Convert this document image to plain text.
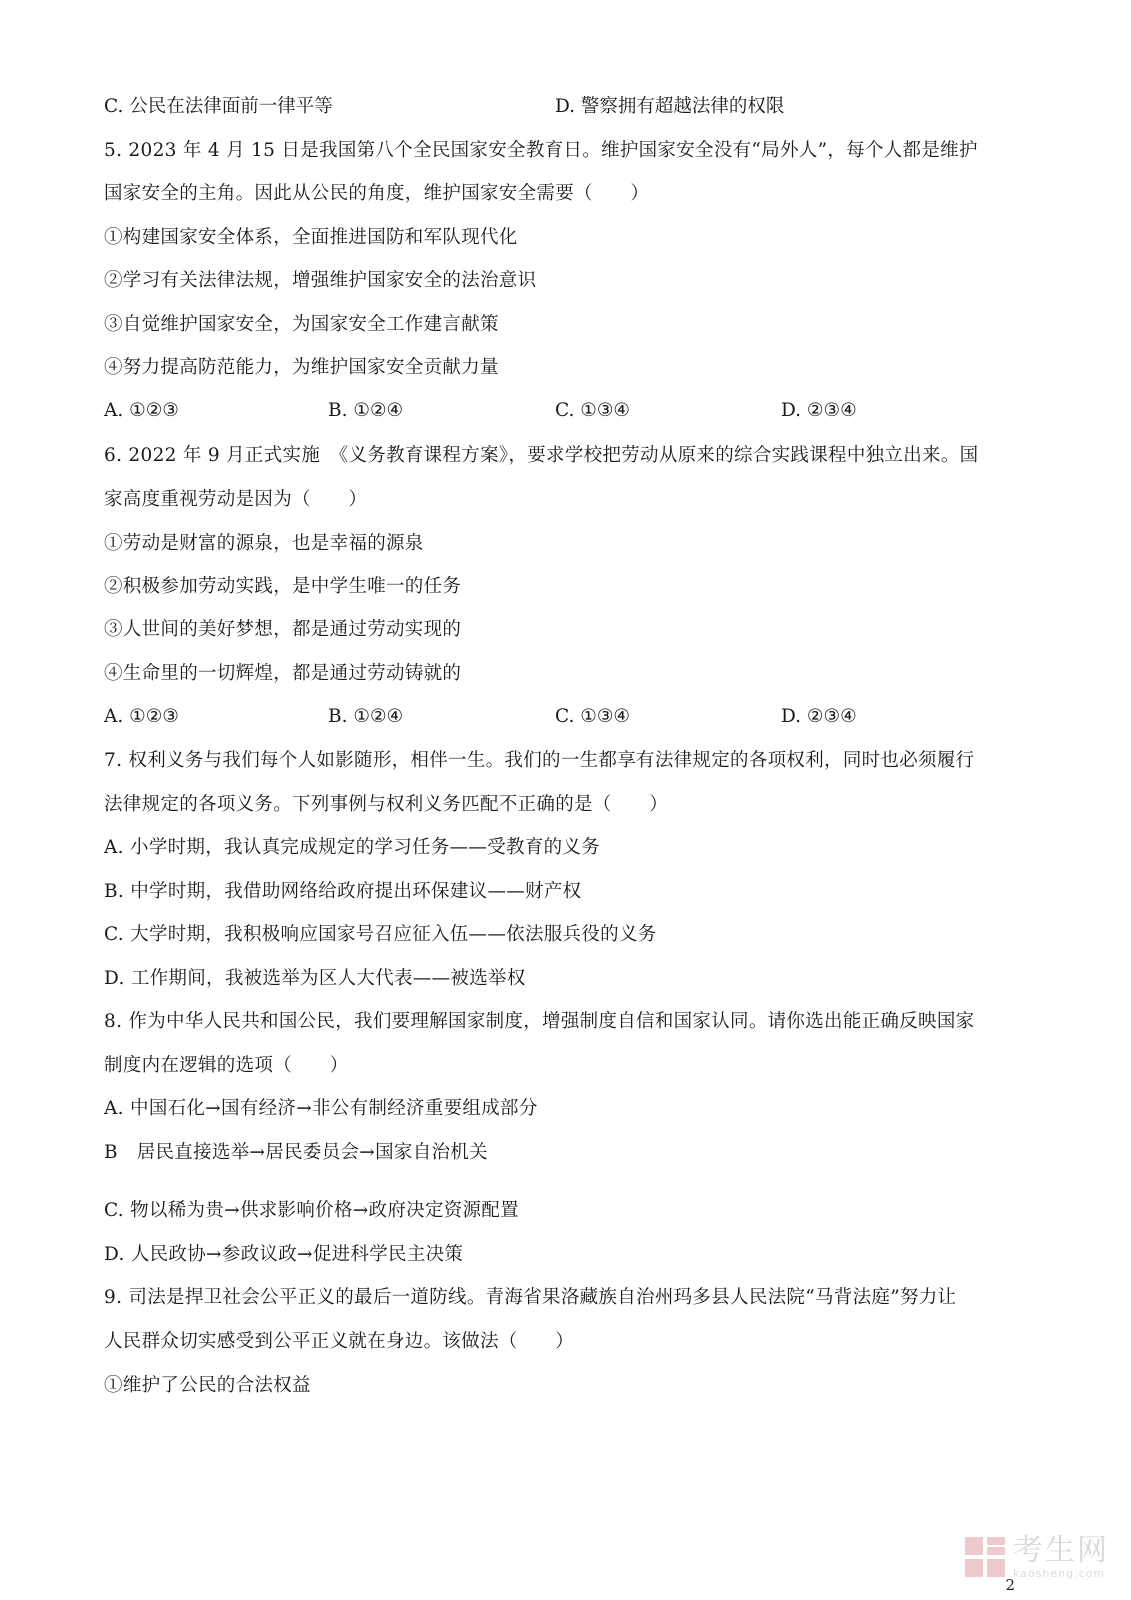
C. 公民在法律面前一律平等	D. 警察拥有超越法律的权限
5. 2023 年 4 月 15 日是我国第八个全民国家安全教育日。维护国家安全没有“局外人”，每个人都是维护
国家安全的主角。因此从公民的角度，维护国家安全需要（　　）
①构建国家安全体系，全面推进国防和军队现代化
②学习有关法律法规，增强维护国家安全的法治意识
③自觉维护国家安全，为国家安全工作建言献策
④努力提高防范能力，为维护国家安全贡献力量
A. ①②③	B. ①②④	C. ①③④	D. ②③④
6. 2022 年 9 月正式实施　《义务教育课程方案》，要求学校把劳动从原来的综合实践课程中独立出来。国
家高度重视劳动是因为（　　）
①劳动是财富的源泉，也是幸福的源泉
②积极参加劳动实践，是中学生唯一的任务
③人世间的美好梦想，都是通过劳动实现的
④生命里的一切辉煌，都是通过劳动铸就的
A. ①②③	B. ①②④	C. ①③④	D. ②③④
7. 权利义务与我们每个人如影随形，相伴一生。我们的一生都享有法律规定的各项权利，同时也必须履行
法律规定的各项义务。下列事例与权利义务匹配不正确的是（　　）
A. 小学时期，我认真完成规定的学习任务——受教育的义务
B. 中学时期，我借助网络给政府提出环保建议——财产权
C. 大学时期，我积极响应国家号召应征入伍——依法服兵役的义务
D. 工作期间，我被选举为区人大代表——被选举权
8. 作为中华人民共和国公民，我们要理解国家制度，增强制度自信和国家认同。请你选出能正确反映国家
制度内在逻辑的选项（　　）
A. 中国石化→国有经济→非公有制经济重要组成部分
B　居民直接选举→居民委员会→国家自治机关
C. 物以稀为贵→供求影响价格→政府决定资源配置
D. 人民政协→参政议政→促进科学民主决策
9. 司法是捍卫社会公平正义的最后一道防线。青海省果洛藏族自治州玛多县人民法院“马背法庭”努力让
人民群众切实感受到公平正义就在身边。该做法（　　）
①维护了公民的合法权益
考生网
kaosheng.com
2
